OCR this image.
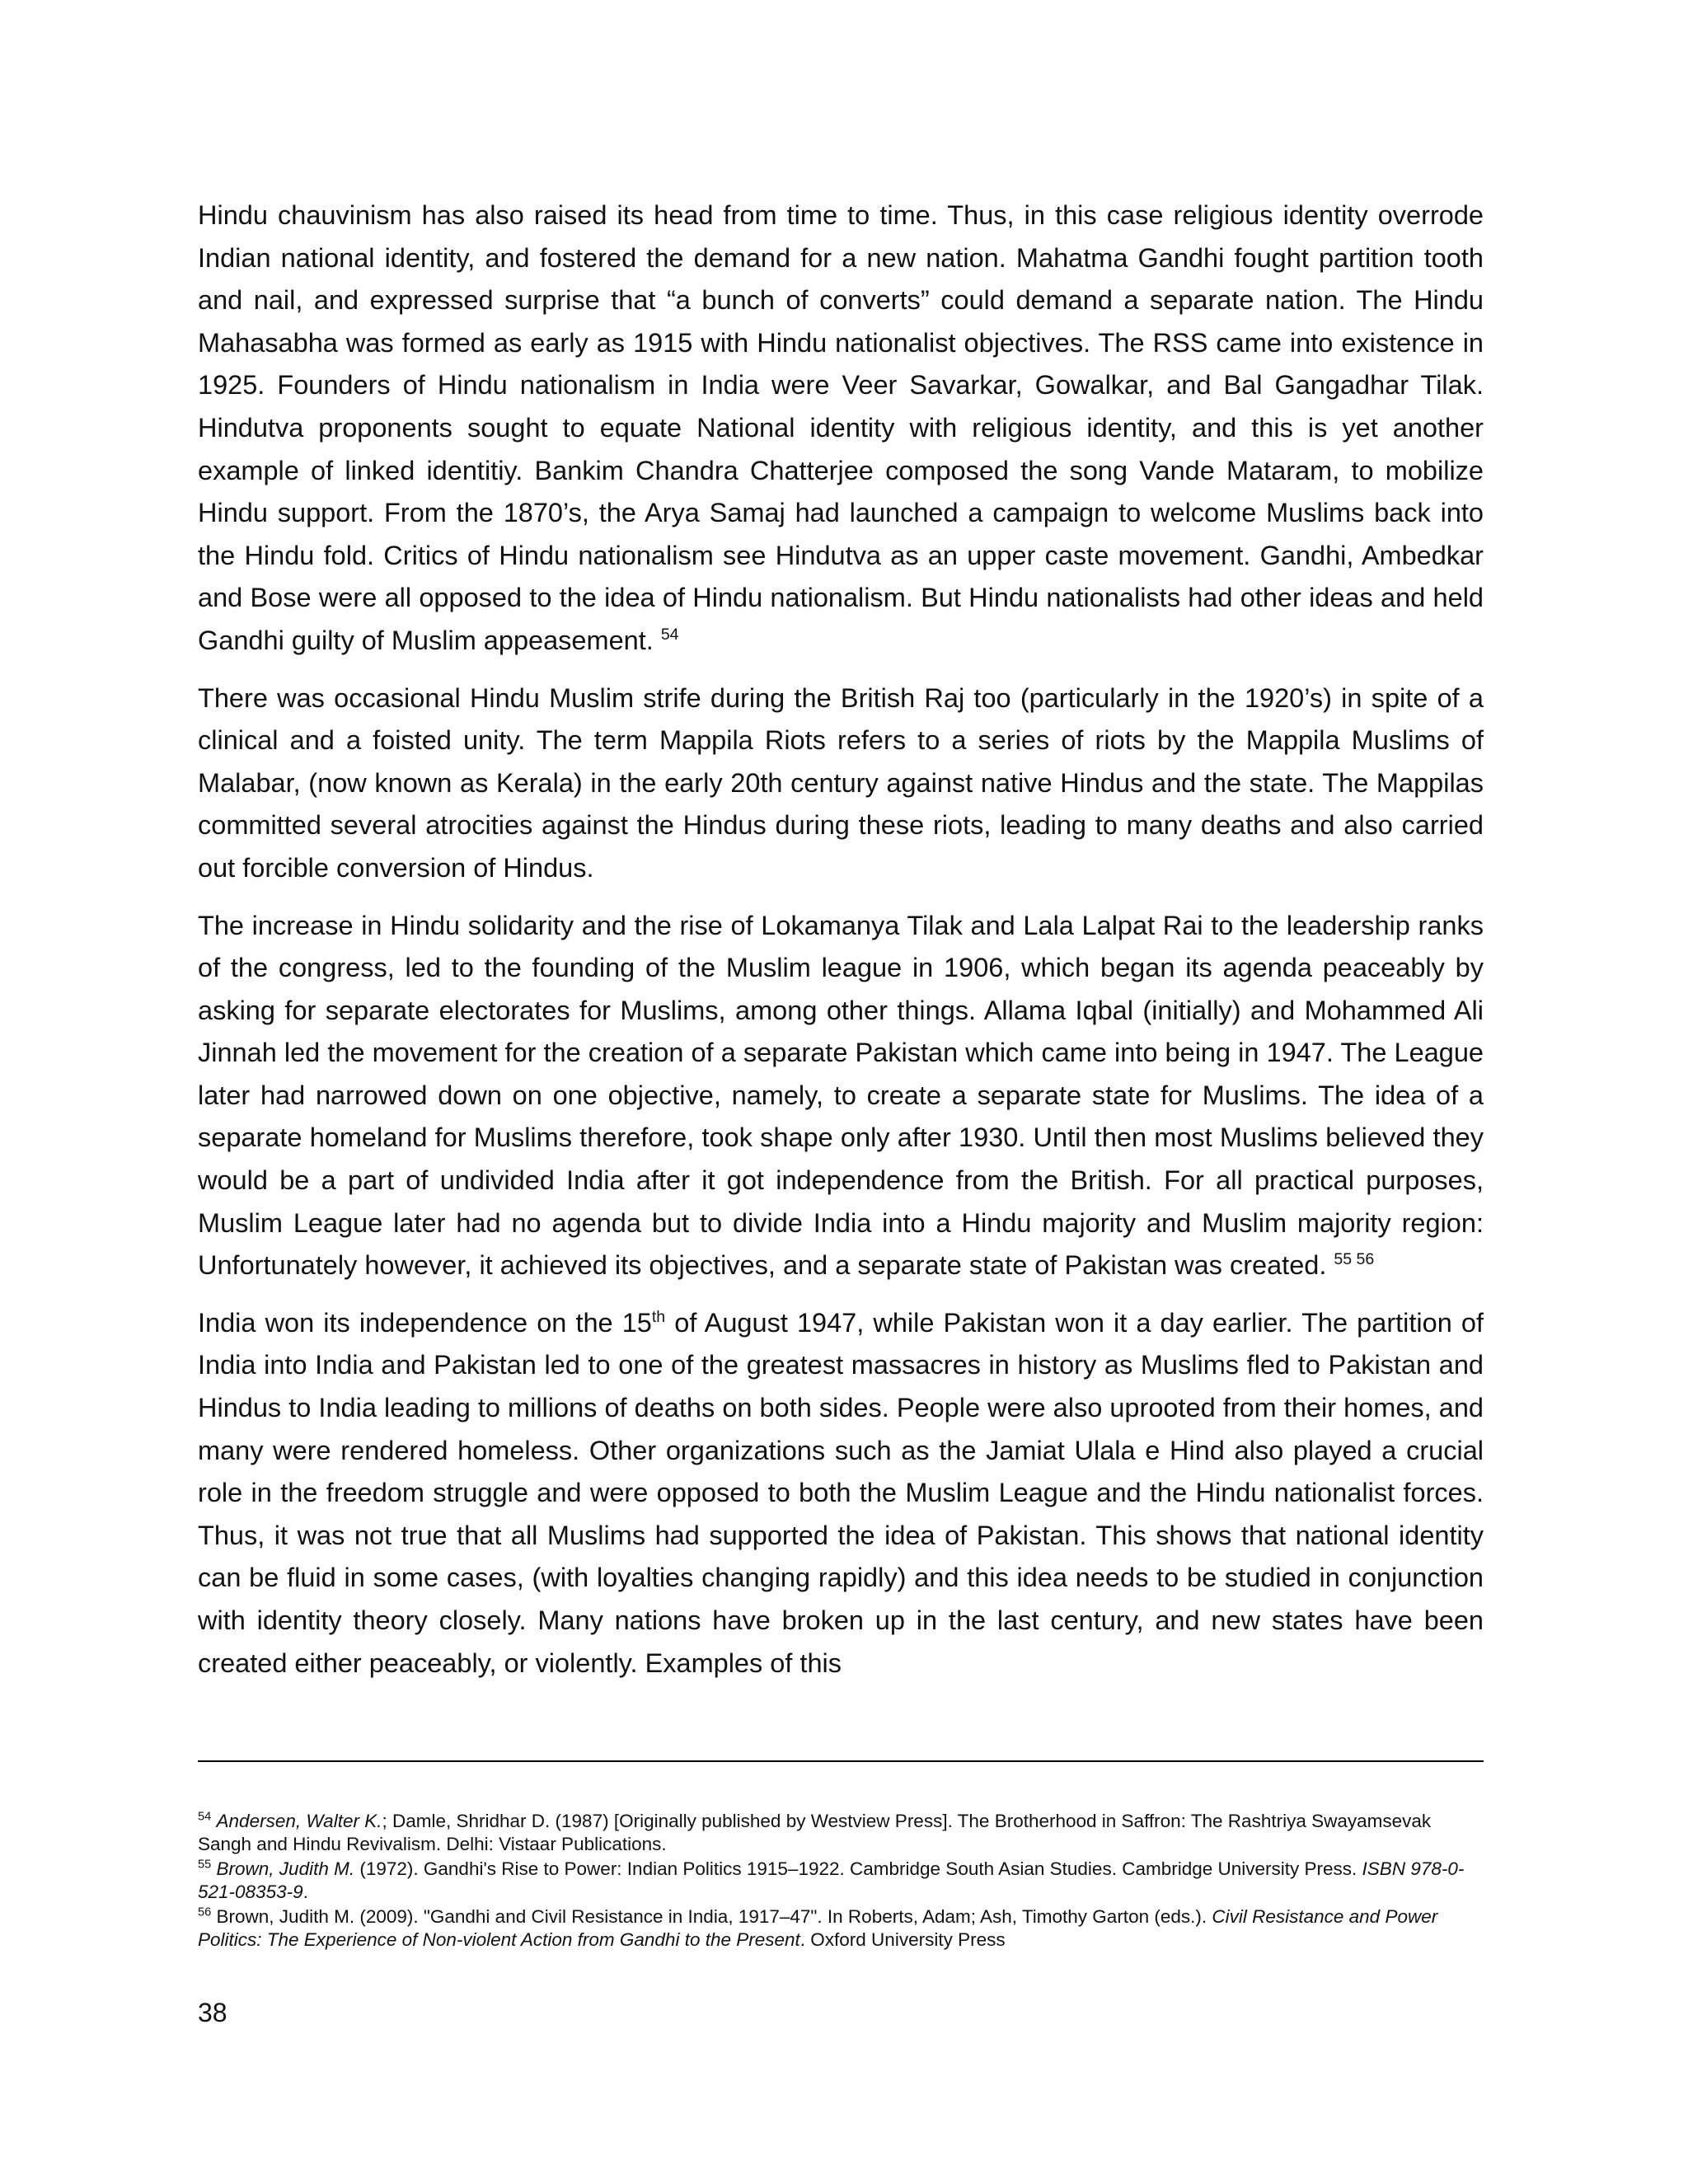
Hindu chauvinism has also raised its head from time to time. Thus, in this case religious identity overrode Indian national identity, and fostered the demand for a new nation. Mahatma Gandhi fought partition tooth and nail, and expressed surprise that “a bunch of converts” could demand a separate nation. The Hindu Mahasabha was formed as early as 1915 with Hindu nationalist objectives. The RSS came into existence in 1925. Founders of Hindu nationalism in India were Veer Savarkar, Gowalkar, and Bal Gangadhar Tilak. Hindutva proponents sought to equate National identity with religious identity, and this is yet another example of linked identitiy. Bankim Chandra Chatterjee composed the song Vande Mataram, to mobilize Hindu support. From the 1870’s, the Arya Samaj had launched a campaign to welcome Muslims back into the Hindu fold. Critics of Hindu nationalism see Hindutva as an upper caste movement. Gandhi, Ambedkar and Bose were all opposed to the idea of Hindu nationalism. But Hindu nationalists had other ideas and held Gandhi guilty of Muslim appeasement. $^{54}$

There was occasional Hindu Muslim strife during the British Raj too (particularly in the 1920’s) in spite of a clinical and a foisted unity. The term Mappila Riots refers to a series of riots by the Mappila Muslims of Malabar, (now known as Kerala) in the early 20th century against native Hindus and the state. The Mappilas committed several atrocities against the Hindus during these riots, leading to many deaths and also carried out forcible conversion of Hindus.

The increase in Hindu solidarity and the rise of Lokamanya Tilak and Lala Lalpat Rai to the leadership ranks of the congress, led to the founding of the Muslim league in 1906, which began its agenda peaceably by asking for separate electorates for Muslims, among other things. Allama Iqbal (initially) and Mohammed Ali Jinnah led the movement for the creation of a separate Pakistan which came into being in 1947. The League later had narrowed down on one objective, namely, to create a separate state for Muslims. The idea of a separate homeland for Muslims therefore, took shape only after 1930. Until then most Muslims believed they would be a part of undivided India after it got independence from the British. For all practical purposes, Muslim League later had no agenda but to divide India into a Hindu majority and Muslim majority region: Unfortunately however, it achieved its objectives, and a separate state of Pakistan was created. $^{55 56}$

India won its independence on the 15th of August 1947, while Pakistan won it a day earlier. The partition of India into India and Pakistan led to one of the greatest massacres in history as Muslims fled to Pakistan and Hindus to India leading to millions of deaths on both sides. People were also uprooted from their homes, and many were rendered homeless. Other organizations such as the Jamiat Ulala e Hind also played a crucial role in the freedom struggle and were opposed to both the Muslim League and the Hindu nationalist forces. Thus, it was not true that all Muslims had supported the idea of Pakistan. This shows that national identity can be fluid in some cases, (with loyalties changing rapidly) and this idea needs to be studied in conjunction with identity theory closely. Many nations have broken up in the last century, and new states have been created either peaceably, or violently. Examples of this

$^{54}$ Andersen, Walter K.; Damle, Shridhar D. (1987) [Originally published by Westview Press]. The Brotherhood in Saffron: The Rashtriya Swayamsevak Sangh and Hindu Revivalism. Delhi: Vistaar Publications.
$^{55}$ Brown, Judith M. (1972). Gandhi's Rise to Power: Indian Politics 1915–1922. Cambridge South Asian Studies. Cambridge University Press. ISBN 978-0-521-08353-9.
$^{56}$ Brown, Judith M. (2009). "Gandhi and Civil Resistance in India, 1917–47". In Roberts, Adam; Ash, Timothy Garton (eds.). Civil Resistance and Power Politics: The Experience of Non-violent Action from Gandhi to the Present. Oxford University Press
38
